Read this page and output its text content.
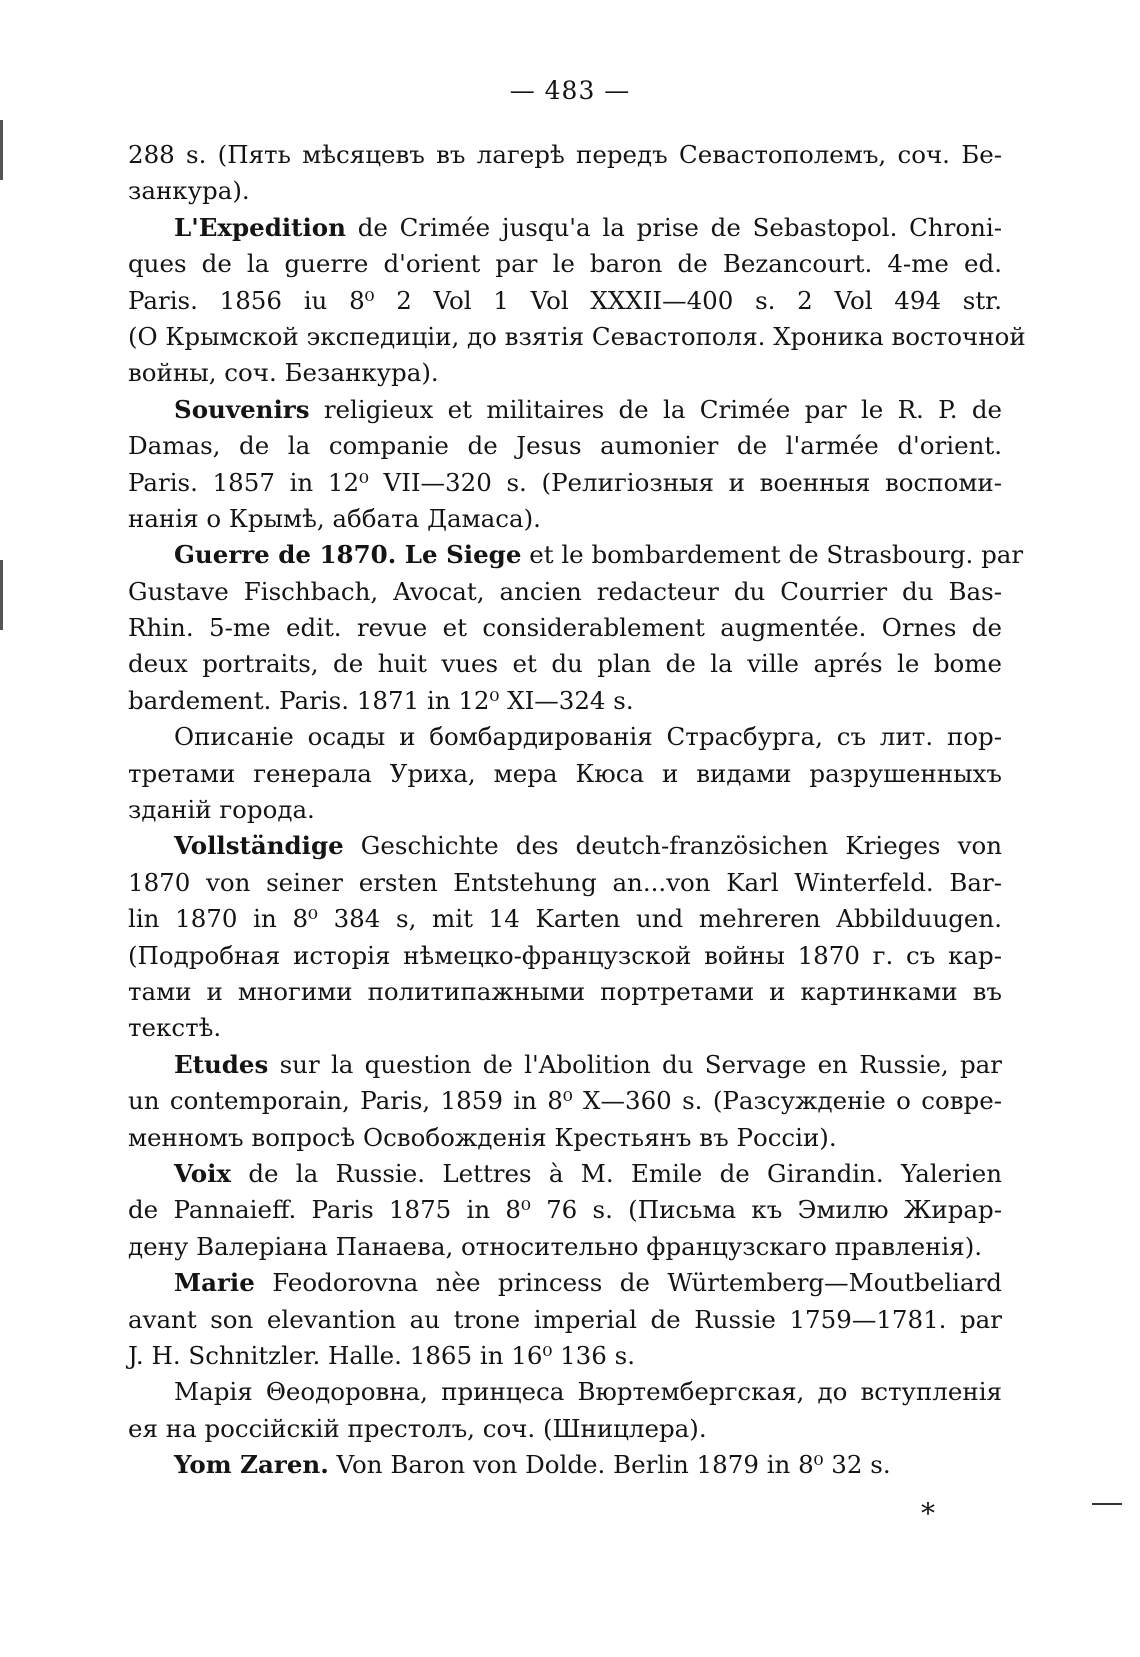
— 483 —
288 s. (Пять мѣсяцевъ въ лагерѣ передъ Севастополемъ, соч. Бе-
занкура).
L'Expedition de Crimée jusqu'a la prise de Sebastopol. Chroni-
ques de la guerre d'orient par le baron de Bezancourt. 4-me ed.
Paris. 1856 iu 8⁰ 2 Vol 1 Vol XXXII—400 s. 2 Vol 494 str.
(О Крымской экспедиціи, до взятія Севастополя. Хроника восточной
войны, соч. Безанкура).
Souvenirs religieux et militaires de la Crimée par le R. P. de
Damas, de la companie de Jesus aumonier de l'armée d'orient.
Paris. 1857 in 12⁰ VII—320 s. (Религіозныя и военныя воспоми-
нанія о Крымѣ, аббата Дамаса).
Guerre de 1870. Le Siege et le bombardement de Strasbourg. par
Gustave Fischbach, Avocat, ancien redacteur du Courrier du Bas-
Rhin. 5-me edit. revue et considerablement augmentée. Ornes de
deux portraits, de huit vues et du plan de la ville aprés le bome
bardement. Paris. 1871 in 12⁰ XI—324 s.
Описаніе осады и бомбардированія Страсбурга, съ лит. пор-
третами генерала Уриха, мера Кюса и видами разрушенныхъ
зданій города.
Vollständige Geschichte des deutch-französichen Krieges von
1870 von seiner ersten Entstehung an...von Karl Winterfeld. Bar-
lin 1870 in 8⁰ 384 s, mit 14 Karten und mehreren Abbilduugen.
(Подробная исторія нѣмецко-французской войны 1870 г. съ кар-
тами и многими политипажными портретами и картинками въ
текстѣ.
Etudes sur la question de l'Abolition du Servage en Russie, par
un contemporain, Paris, 1859 in 8⁰ X—360 s. (Разсужденіе о совре-
менномъ вопросѣ Освобожденія Крестьянъ въ Россіи).
Voix de la Russie. Lettres à M. Emile de Girandin. Yalerien
de Pannaieff. Paris 1875 in 8⁰ 76 s. (Письма къ Эмилю Жирар-
дену Валеріана Панаева, относительно французскаго правленія).
Marie Feodorovna nèe princess de Würtemberg—Moutbeliard
avant son elevantion au trone imperial de Russie 1759—1781. par
J. H. Schnitzler. Halle. 1865 in 16⁰ 136 s.
Марія Θеодоровна, принцеса Вюртембергская, до вступленія
ея на россійскій престолъ, соч. (Шницлера).
Yom Zaren. Von Baron von Dolde. Berlin 1879 in 8⁰ 32 s.
*
